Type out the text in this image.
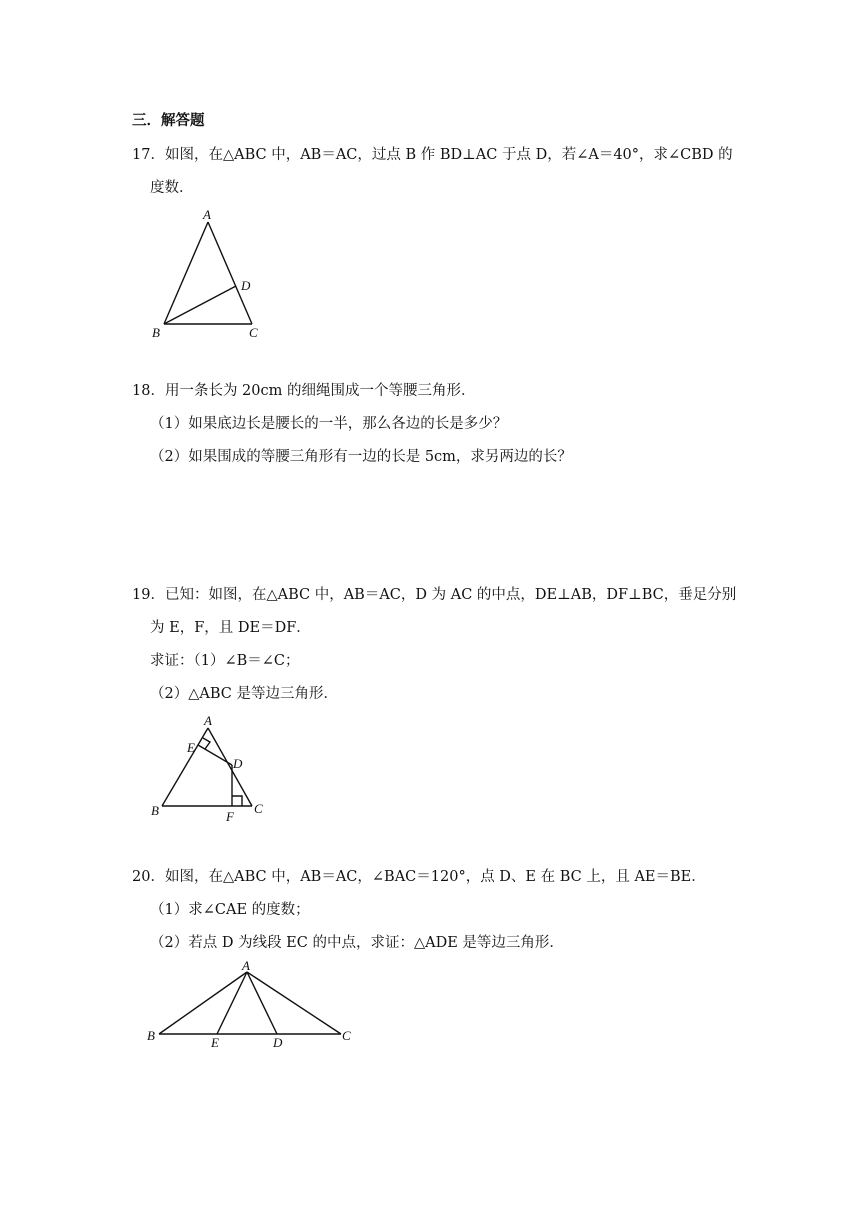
三．解答题
17．如图，在△ABC 中，AB＝AC，过点 B 作 BD⊥AC 于点 D，若∠A＝40°，求∠CBD 的
度数．
A
B	C
D
18．用一条长为 20cm 的细绳围成一个等腰三角形．
（1）如果底边长是腰长的一半，那么各边的长是多少？
（2）如果围成的等腰三角形有一边的长是 5cm，求另两边的长？
19．已知：如图，在△ABC 中，AB＝AC，D 为 AC 的中点，DE⊥AB，DF⊥BC，垂足分别
为 E，F，且 DE＝DF．
求证：（1）∠B＝∠C；
（2）△ABC 是等边三角形．
A
B	C
D
E
F
20．如图，在△ABC 中，AB＝AC，∠BAC＝120°，点 D、E 在 BC 上，且 AE＝BE．
（1）求∠CAE 的度数；
（2）若点 D 为线段 EC 的中点，求证：△ADE 是等边三角形．
A
B	C
E	D
